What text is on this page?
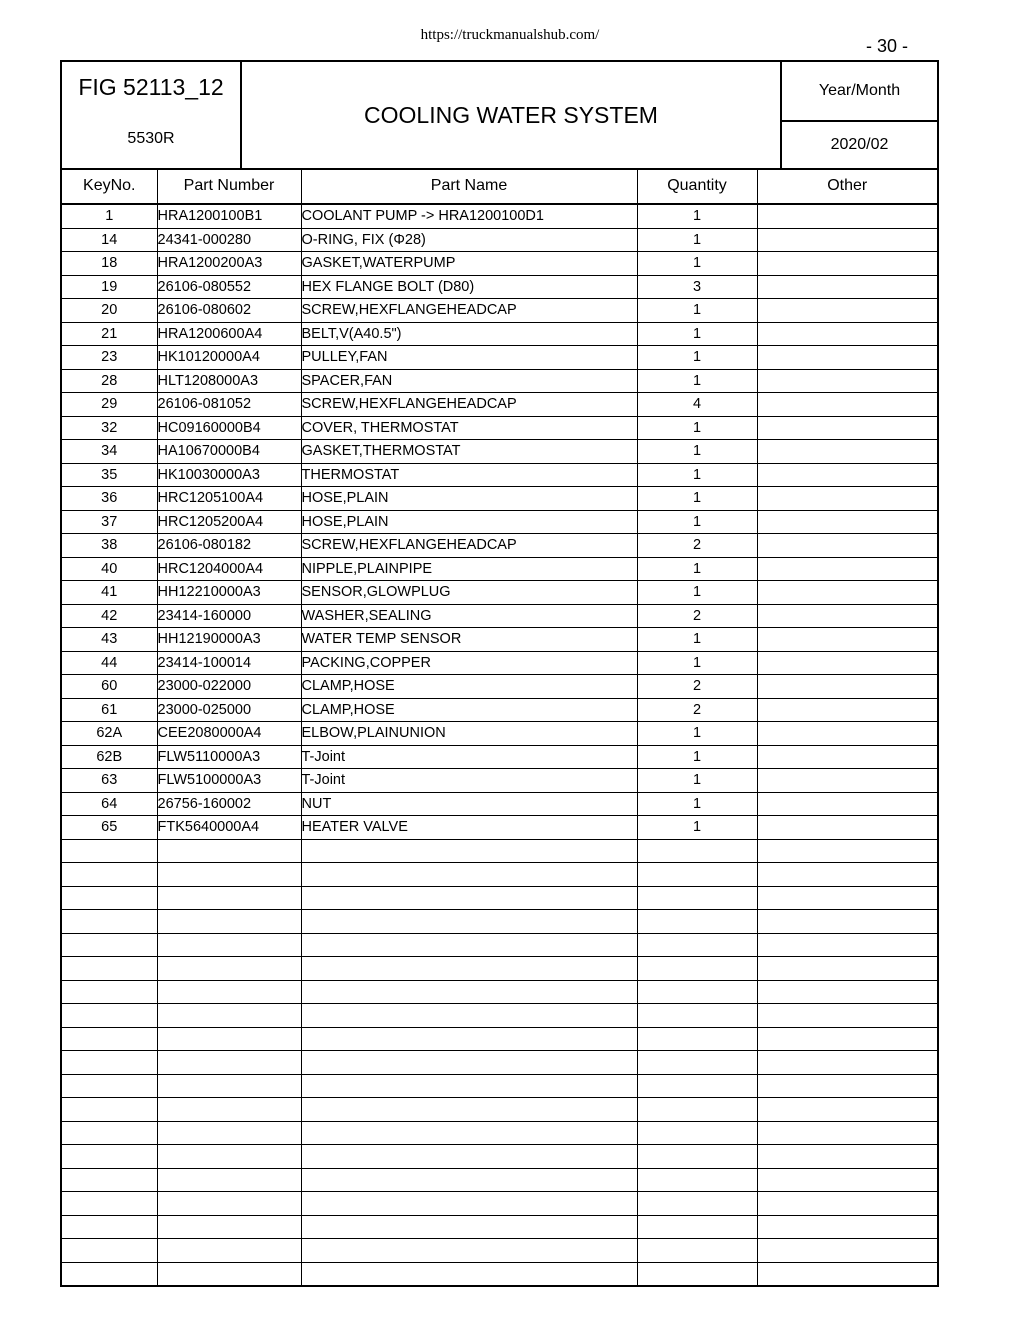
https://truckmanualshub.com/
- 30 -
FIG 52113_12
5530R
	COOLING WATER SYSTEM	Year/Month
2020/02
KeyNo.	Part Number	Part Name	Quantity	Other
1	HRA1200100B1	COOLANT PUMP -> HRA1200100D1	1	
14	24341-000280	O-RING, FIX (Φ28)	1	
18	HRA1200200A3	GASKET,WATERPUMP	1	
19	26106-080552	HEX FLANGE BOLT (D80)	3	
20	26106-080602	SCREW,HEXFLANGEHEADCAP	1	
21	HRA1200600A4	BELT,V(A40.5")	1	
23	HK10120000A4	PULLEY,FAN	1	
28	HLT1208000A3	SPACER,FAN	1	
29	26106-081052	SCREW,HEXFLANGEHEADCAP	4	
32	HC09160000B4	COVER, THERMOSTAT	1	
34	HA10670000B4	GASKET,THERMOSTAT	1	
35	HK10030000A3	THERMOSTAT	1	
36	HRC1205100A4	HOSE,PLAIN	1	
37	HRC1205200A4	HOSE,PLAIN	1	
38	26106-080182	SCREW,HEXFLANGEHEADCAP	2	
40	HRC1204000A4	NIPPLE,PLAINPIPE	1	
41	HH12210000A3	SENSOR,GLOWPLUG	1	
42	23414-160000	WASHER,SEALING	2	
43	HH12190000A3	WATER TEMP SENSOR	1	
44	23414-100014	PACKING,COPPER	1	
60	23000-022000	CLAMP,HOSE	2	
61	23000-025000	CLAMP,HOSE	2	
62A	CEE2080000A4	ELBOW,PLAINUNION	1	
62B	FLW5110000A3	T-Joint	1	
63	FLW5100000A3	T-Joint	1	
64	26756-160002	NUT	1	
65	FTK5640000A4	HEATER VALVE	1	
